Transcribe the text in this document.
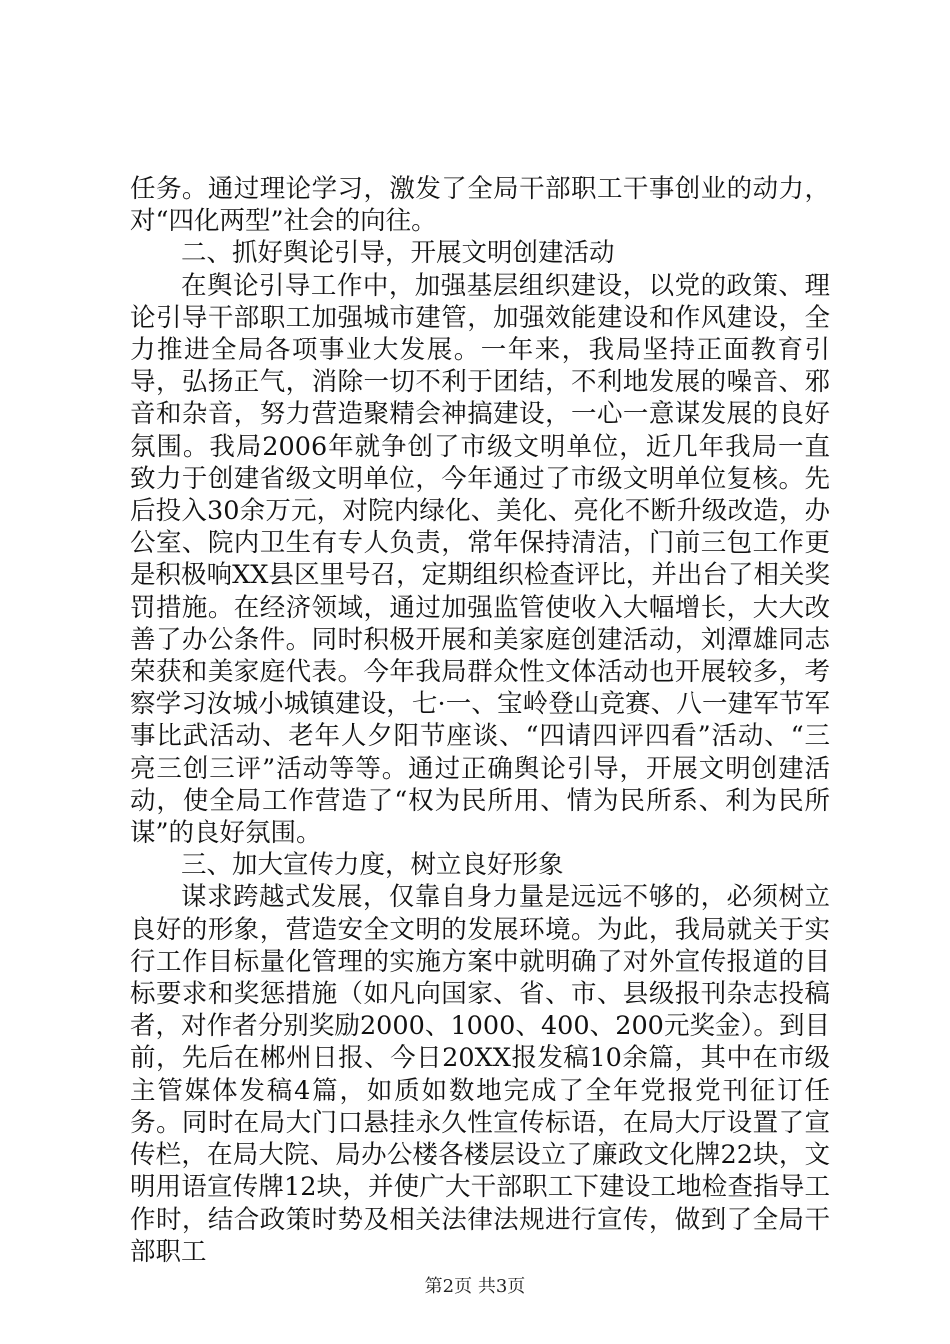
任务。通过理论学习，激发了全局干部职工干事创业的动力，对“四化两型”社会的向往。

二、抓好舆论引导，开展文明创建活动

在舆论引导工作中，加强基层组织建设，以党的政策、理论引导干部职工加强城市建管，加强效能建设和作风建设，全力推进全局各项事业大发展。一年来，我局坚持正面教育引导，弘扬正气，消除一切不利于团结，不利地发展的噪音、邪音和杂音，努力营造聚精会神搞建设，一心一意谋发展的良好氛围。我局2006年就争创了市级文明单位，近几年我局一直致力于创建省级文明单位，今年通过了市级文明单位复核。先后投入30余万元，对院内绿化、美化、亮化不断升级改造，办公室、院内卫生有专人负责，常年保持清洁，门前三包工作更是积极响XX县区里号召，定期组织检查评比，并出台了相关奖罚措施。在经济领域，通过加强监管使收入大幅增长，大大改善了办公条件。同时积极开展和美家庭创建活动，刘潭雄同志荣获和美家庭代表。今年我局群众性文体活动也开展较多，考察学习汝城小城镇建设，七·一、宝岭登山竞赛、八一建军节军事比武活动、老年人夕阳节座谈、“四请四评四看”活动、“三亮三创三评”活动等等。通过正确舆论引导，开展文明创建活动，使全局工作营造了“权为民所用、情为民所系、利为民所谋”的良好氛围。

三、加大宣传力度，树立良好形象

谋求跨越式发展，仅靠自身力量是远远不够的，必须树立良好的形象，营造安全文明的发展环境。为此，我局就关于实行工作目标量化管理的实施方案中就明确了对外宣传报道的目标要求和奖惩措施（如凡向国家、省、市、县级报刊杂志投稿者，对作者分别奖励2000、1000、400、200元奖金）。到目前，先后在郴州日报、今日20XX报发稿10余篇，其中在市级主管媒体发稿4篇，如质如数地完成了全年党报党刊征订任务。同时在局大门口悬挂永久性宣传标语，在局大厅设置了宣传栏，在局大院、局办公楼各楼层设立了廉政文化牌22块，文明用语宣传牌12块，并使广大干部职工下建设工地检查指导工作时，结合政策时势及相关法律法规进行宣传，做到了全局干部职工

第2页 共3页
